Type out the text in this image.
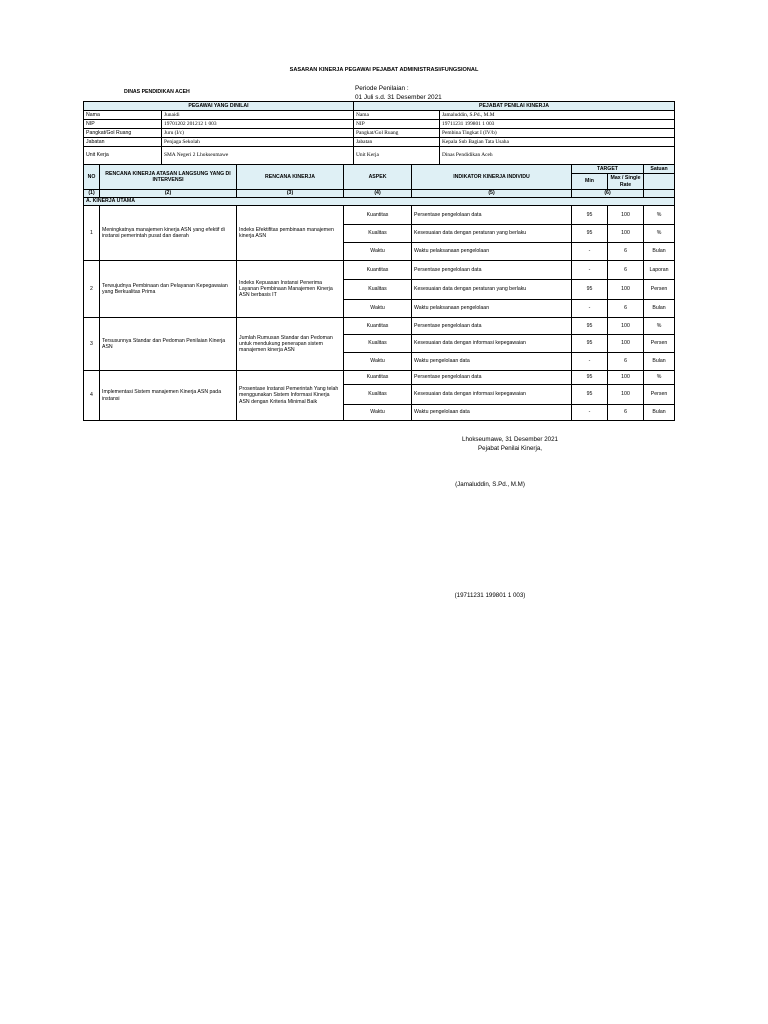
SASARAN KINERJA PEGAWAI PEJABAT ADMINISTRASI/FUNGSIONAL
DINAS PENDIDIKAN ACEH	Periode Penilaian :
01 Juli s.d. 31 Desember 2021
PEGAWAI YANG DINILAI		PEJABAT PENILAI KINERJA	
Nama	Junaidi	Nama	Jamaluddin, S.Pd., M.M
NIP	19701202 201212 1 003	NIP	19711231 199801 1 003
Pangkat/Gol Ruang	Juru (I/c)	Pangkat/Gol Ruang	Pembina Tingkat I (IV/b)
Jabatan	Penjaga Sekolah	Jabatan	Kepala Sub Bagian Tata Usaha
Unit Kerja	SMA Negeri 2 Lhokseumawe	Unit Kerja	Dinas Pendidikan Aceh
NO	RENCANA KINERJA ATASAN LANGSUNG YANG DI INTERVENSI	RENCANA KINERJA	ASPEK	INDIKATOR KINERJA INDIVIDU	TARGET		Satuan
					Min	Max / Single Rate	
(1)	(2)	(3)	(4)	(5)	(6)		
A. KINERJA UTAMA							
1	Meningkatnya manajemen kinerja ASN yang efektif di instansi pemerintah pusat dan daerah	Indeks Efektifitas pembinaan manajemen kinerja ASN	Kuantitas	Persentase pengelolaan data	95	100	%
			Kualitas	Kesesuaian data dengan peraturan yang berlaku	95	100	%
			Waktu	Waktu pelaksanaan pengelolaan	-	6	Bulan
2	Terwujudnya Pembinaan dan Pelayanan Kepegawaian yang Berkualitas Prima	Indeks Kepuasan Instansi Penerima Layanan Pembinaan Manajemen Kinerja ASN berbasis IT	Kuantitas	Persentase pengelolaan data	-	6	Laporan
			Kualitas	Kesesuaian data dengan peraturan yang berlaku	95	100	Persen
			Waktu	Waktu pelaksanaan pengelolaan	-	6	Bulan
3	Tersusunnya Standar dan Pedoman Penilaian Kinerja ASN	Jumlah Rumusan Standar dan Pedoman untuk mendukung penerapan sistem manajemen kinerja ASN	Kuantitas	Persentase pengelolaan data	95	100	%
			Kualitas	Kesesuaian data dengan informasi kepegawaian	95	100	Persen
			Waktu	Waktu pengelolaan data	-	6	Bulan
4	Implementasi Sistem manajemen Kinerja ASN pada instansi	Prosentase Instansi Pemerintah Yang telah menggunakan Sistem Informasi Kinerja ASN dengan Kriteria Minimal Baik	Kuantitas	Persentase pengelolaan data	95	100	%
			Kualitas	Kesesuaian data dengan informasi kepegawaian	95	100	Persen
			Waktu	Waktu pengelolaan data	-	6	Bulan
Lhokseumawe, 31 Desember 2021
Pejabat Penilai Kinerja,
(Jamaluddin, S.Pd., M.M)
(19711231 199801 1 003)
